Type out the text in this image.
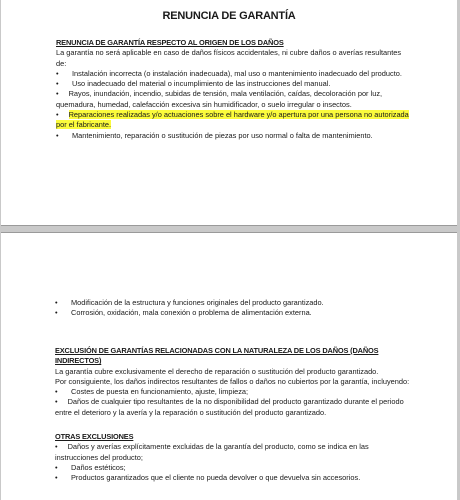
RENUNCIA DE GARANTÍA

RENUNCIA DE GARANTÍA RESPECTO AL ORIGEN DE LOS DAÑOS

La garantía no será aplicable en caso de daños físicos accidentales, ni cubre daños o averías resultantes de:

•	Instalación incorrecta (o instalación inadecuada), mal uso o mantenimiento inadecuado del producto.
•	Uso inadecuado del material o incumplimiento de las instrucciones del manual.
• Rayos, inundación, incendio, subidas de tensión, mala ventilación, caídas, decoloración por luz, quemadura, humedad, calefacción excesiva sin humidificador, o suelo irregular o insectos.
• Reparaciones realizadas y/o actuaciones sobre el hardware y/o apertura por una persona no autorizada por el fabricante.
•	Mantenimiento, reparación o sustitución de piezas por uso normal o falta de mantenimiento.
•	Modificación de la estructura y funciones originales del producto garantizado.
•	Corrosión, oxidación, mala conexión o problema de alimentación externa.

EXCLUSIÓN DE GARANTÍAS RELACIONADAS CON LA NATURALEZA DE LOS DAÑOS (DAÑOS INDIRECTOS)

La garantía cubre exclusivamente el derecho de reparación o sustitución del producto garantizado.

Por consiguiente, los daños indirectos resultantes de fallos o daños no cubiertos por la garantía, incluyendo:

•	Costes de puesta en funcionamiento, ajuste, limpieza;
• Daños de cualquier tipo resultantes de la no disponibilidad del producto garantizado durante el periodo entre el deterioro y la avería y la reparación o sustitución del producto garantizado.

OTRAS EXCLUSIONES

• Daños y averías explícitamente excluidas de la garantía del producto, como se indica en las instrucciones del producto;
•	Daños estéticos;
•	Productos garantizados que el cliente no pueda devolver o que devuelva sin accesorios.
